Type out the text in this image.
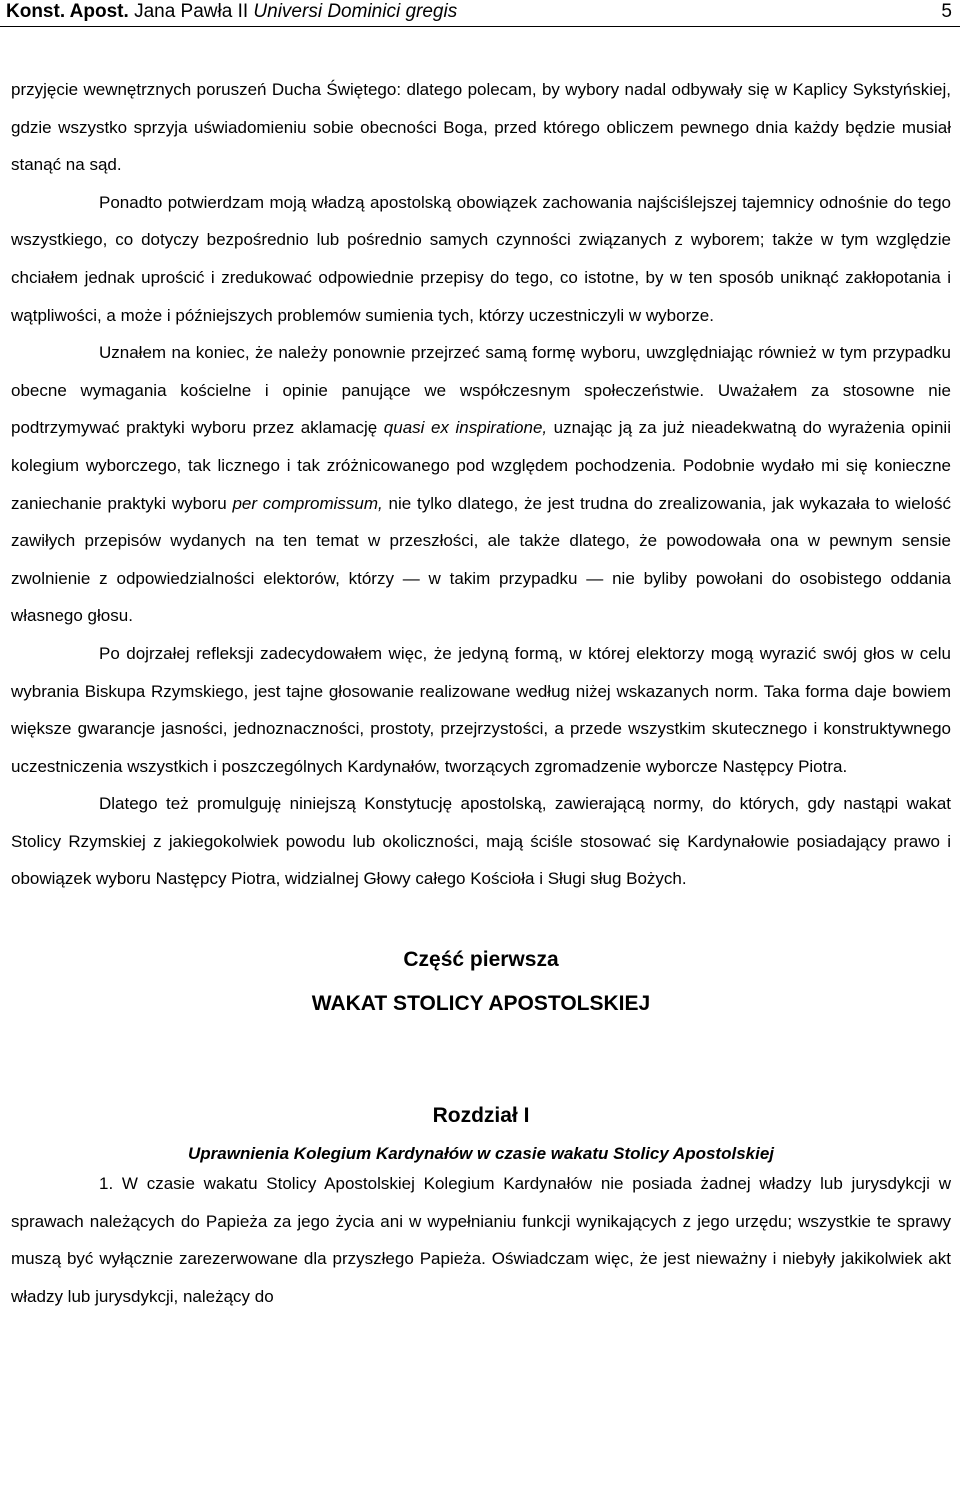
Konst. Apost. Jana Pawła II Universi Dominici gregis	5

przyjęcie wewnętrznych poruszeń Ducha Świętego: dlatego polecam, by wybory nadal odbywały się w Kaplicy Sykstyńskiej, gdzie wszystko sprzyja uświadomieniu sobie obecności Boga, przed którego obliczem pewnego dnia każdy będzie musiał stanąć na sąd.

Ponadto potwierdzam moją władzą apostolską obowiązek zachowania najściślejszej tajemnicy odnośnie do tego wszystkiego, co dotyczy bezpośrednio lub pośrednio samych czynności związanych z wyborem; także w tym względzie chciałem jednak uprościć i zredukować odpowiednie przepisy do tego, co istotne, by w ten sposób uniknąć zakłopotania i wątpliwości, a może i późniejszych problemów sumienia tych, którzy uczestniczyli w wyborze.

Uznałem na koniec, że należy ponownie przejrzeć samą formę wyboru, uwzględniając również w tym przypadku obecne wymagania kościelne i opinie panujące we współczesnym społeczeństwie. Uważałem za stosowne nie podtrzymywać praktyki wyboru przez aklamację quasi ex inspiratione, uznając ją za już nieadekwatną do wyrażenia opinii kolegium wyborczego, tak licznego i tak zróżnicowanego pod względem pochodzenia. Podobnie wydało mi się konieczne zaniechanie praktyki wyboru per compromissum, nie tylko dlatego, że jest trudna do zrealizowania, jak wykazała to wielość zawiłych przepisów wydanych na ten temat w przeszłości, ale także dlatego, że powodowała ona w pewnym sensie zwolnienie z odpowiedzialności elektorów, którzy — w takim przypadku — nie byliby powołani do osobistego oddania własnego głosu.

Po dojrzałej refleksji zadecydowałem więc, że jedyną formą, w której elektorzy mogą wyrazić swój głos w celu wybrania Biskupa Rzymskiego, jest tajne głosowanie realizowane według niżej wskazanych norm. Taka forma daje bowiem większe gwarancje jasności, jednoznaczności, prostoty, przejrzystości, a przede wszystkim skutecznego i konstruktywnego uczestniczenia wszystkich i poszczególnych Kardynałów, tworzących zgromadzenie wyborcze Następcy Piotra.

Dlatego też promulguję niniejszą Konstytucję apostolską, zawierającą normy, do których, gdy nastąpi wakat Stolicy Rzymskiej z jakiegokolwiek powodu lub okoliczności, mają ściśle stosować się Kardynałowie posiadający prawo i obowiązek wyboru Następcy Piotra, widzialnej Głowy całego Kościoła i Sługi sług Bożych.

Część pierwsza
WAKAT STOLICY APOSTOLSKIEJ
Rozdział I
Uprawnienia Kolegium Kardynałów w czasie wakatu Stolicy Apostolskiej

1. W czasie wakatu Stolicy Apostolskiej Kolegium Kardynałów nie posiada żadnej władzy lub jurysdykcji w sprawach należących do Papieża za jego życia ani w wypełnianiu funkcji wynikających z jego urzędu; wszystkie te sprawy muszą być wyłącznie zarezerwowane dla przyszłego Papieża. Oświadczam więc, że jest nieważny i niebyły jakikolwiek akt władzy lub jurysdykcji, należący do
